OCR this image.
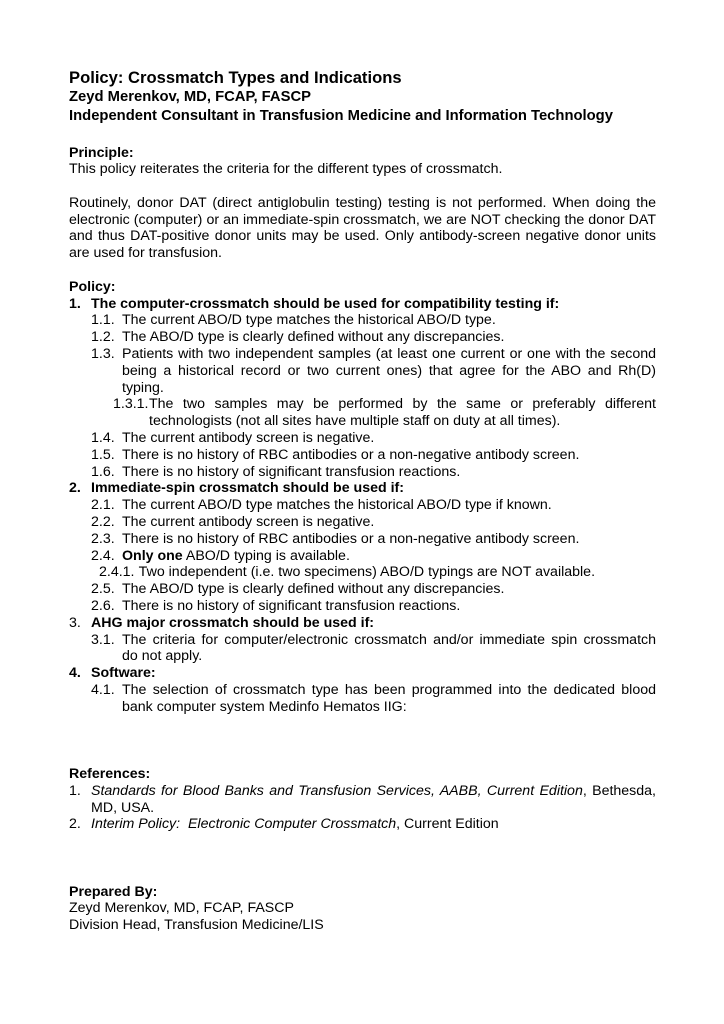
Policy: Crossmatch Types and Indications
Zeyd Merenkov, MD, FCAP, FASCP
Independent Consultant in Transfusion Medicine and Information Technology

Principle:

This policy reiterates the criteria for the different types of crossmatch.

Routinely, donor DAT (direct antiglobulin testing) testing is not performed. When doing the electronic (computer) or an immediate-spin crossmatch, we are NOT checking the donor DAT and thus DAT-positive donor units may be used. Only antibody-screen negative donor units are used for transfusion.

Policy:

1. The computer-crossmatch should be used for compatibility testing if:
1.1. The current ABO/D type matches the historical ABO/D type.
1.2. The ABO/D type is clearly defined without any discrepancies.
1.3. Patients with two independent samples (at least one current or one with the second being a historical record or two current ones) that agree for the ABO and Rh(D) typing.
1.3.1. The two samples may be performed by the same or preferably different technologists (not all sites have multiple staff on duty at all times).
1.4. The current antibody screen is negative.
1.5. There is no history of RBC antibodies or a non-negative antibody screen.
1.6. There is no history of significant transfusion reactions.
2. Immediate-spin crossmatch should be used if:
2.1. The current ABO/D type matches the historical ABO/D type if known.
2.2. The current antibody screen is negative.
2.3. There is no history of RBC antibodies or a non-negative antibody screen.
2.4. Only one ABO/D typing is available.
2.4.1. Two independent (i.e. two specimens) ABO/D typings are NOT available.
2.5. The ABO/D type is clearly defined without any discrepancies.
2.6. There is no history of significant transfusion reactions.
3. AHG major crossmatch should be used if:
3.1. The criteria for computer/electronic crossmatch and/or immediate spin crossmatch do not apply.
4. Software:
4.1. The selection of crossmatch type has been programmed into the dedicated blood bank computer system Medinfo Hematos IIG:

References:

1. Standards for Blood Banks and Transfusion Services, AABB, Current Edition, Bethesda, MD, USA.
2. Interim Policy:  Electronic Computer Crossmatch, Current Edition

Prepared By:

Zeyd Merenkov, MD, FCAP, FASCP

Division Head, Transfusion Medicine/LIS
